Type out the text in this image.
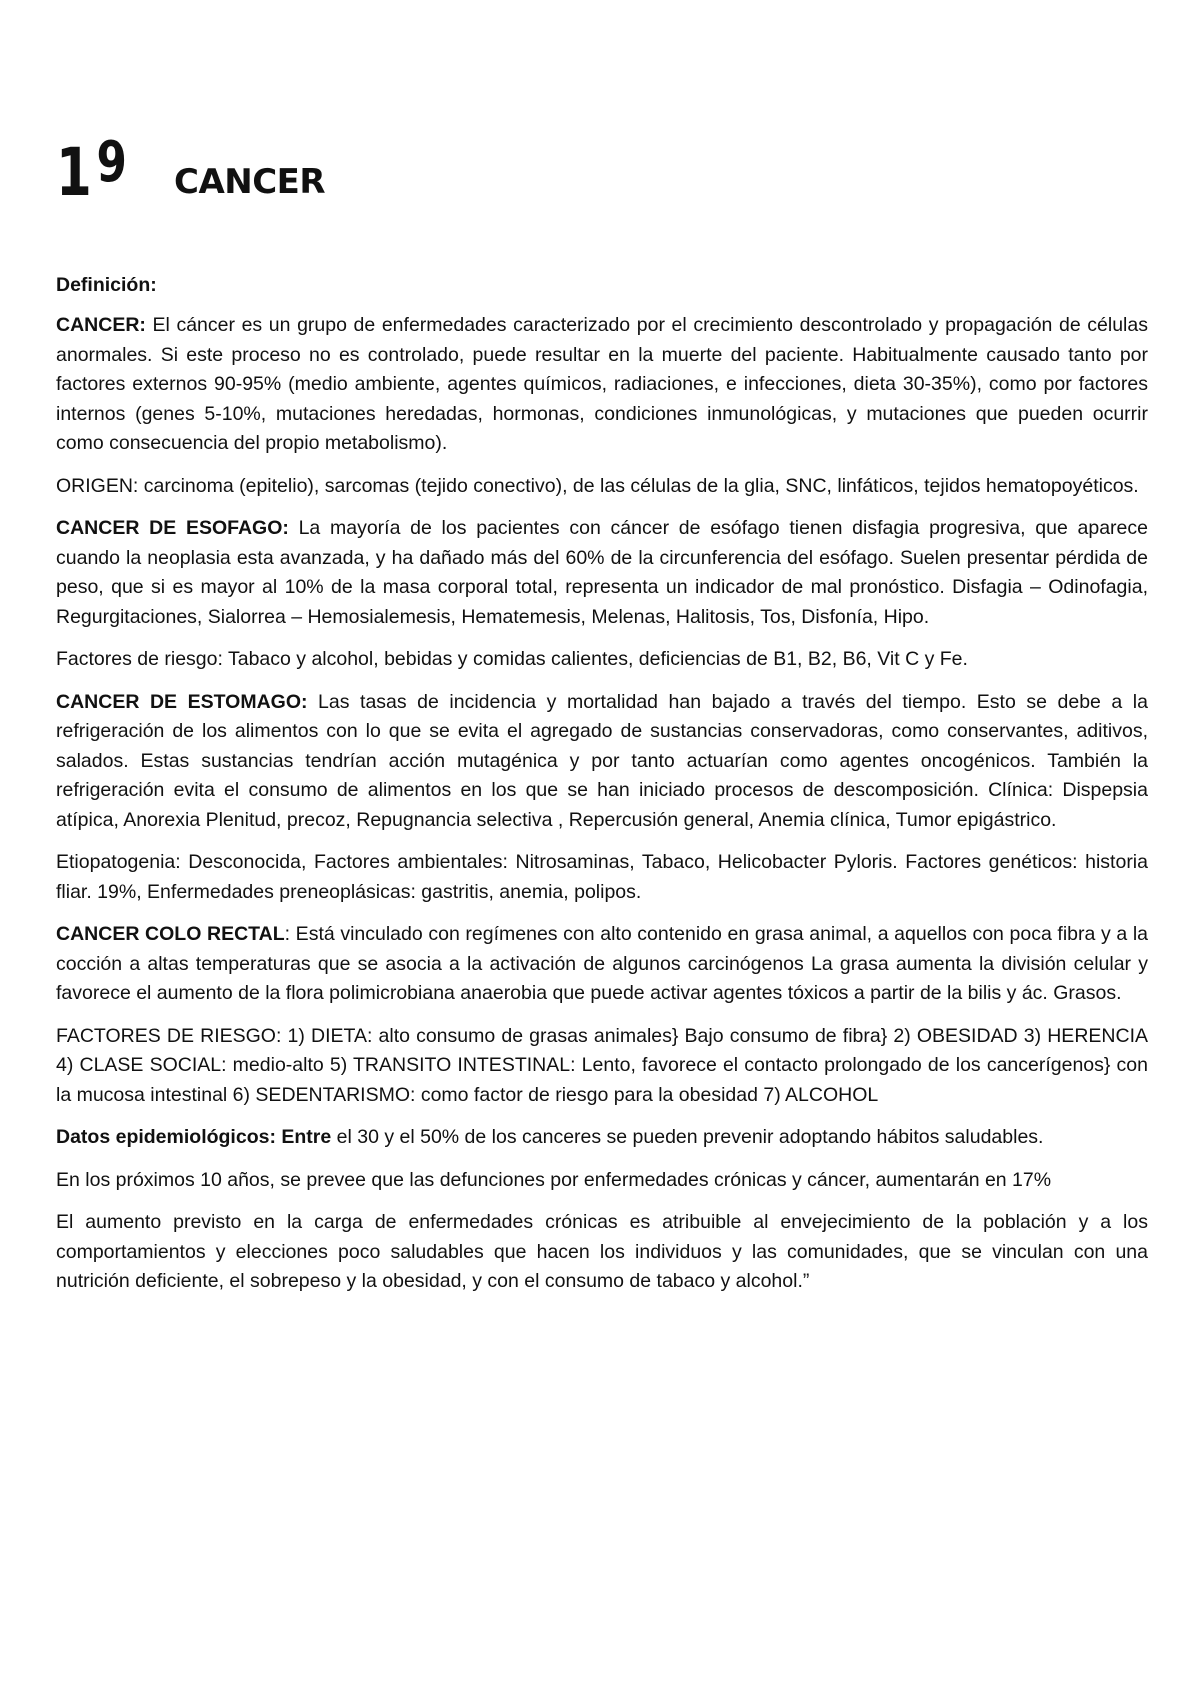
$1^9$	CANCER
Definición:

CANCER: El cáncer es un grupo de enfermedades caracterizado por el crecimiento descontrolado y propagación de células anormales. Si este proceso no es controlado, puede resultar en la muerte del paciente. Habitualmente causado tanto por factores externos 90-95% (medio ambiente, agentes químicos, radiaciones, e infecciones, dieta 30-35%), como por factores internos (genes 5-10%, mutaciones heredadas, hormonas, condiciones inmunológicas, y mutaciones que pueden ocurrir como consecuencia del propio metabolismo).

ORIGEN: carcinoma (epitelio), sarcomas (tejido conectivo), de las células de la glia, SNC, linfáticos, tejidos hematopoyéticos.

CANCER DE ESOFAGO: La mayoría de los pacientes con cáncer de esófago tienen disfagia progresiva, que aparece cuando la neoplasia esta avanzada, y ha dañado más del 60% de la circunferencia del esófago. Suelen presentar pérdida de peso, que si es mayor al 10% de la masa corporal total, representa un indicador de mal pronóstico. Disfagia – Odinofagia, Regurgitaciones, Sialorrea – Hemosialemesis, Hematemesis, Melenas, Halitosis, Tos, Disfonía, Hipo.

Factores de riesgo: Tabaco y alcohol, bebidas y comidas calientes, deficiencias de B1, B2, B6, Vit C y Fe.

CANCER DE ESTOMAGO: Las tasas de incidencia y mortalidad han bajado a través del tiempo. Esto se debe a la refrigeración de los alimentos con lo que se evita el agregado de sustancias conservadoras, como conservantes, aditivos, salados. Estas sustancias tendrían acción mutagénica y por tanto actuarían como agentes oncogénicos. También la refrigeración evita el consumo de alimentos en los que se han iniciado procesos de descomposición. Clínica: Dispepsia atípica, Anorexia Plenitud, precoz, Repugnancia selectiva , Repercusión general, Anemia clínica, Tumor epigástrico.

Etiopatogenia: Desconocida, Factores ambientales: Nitrosaminas, Tabaco, Helicobacter Pyloris. Factores genéticos: historia fliar. 19%, Enfermedades preneoplásicas: gastritis, anemia, polipos.

CANCER COLO RECTAL: Está vinculado con regímenes con alto contenido en grasa animal, a aquellos con poca fibra y a la cocción a altas temperaturas que se asocia a la activación de algunos carcinógenos La grasa aumenta la división celular y favorece el aumento de la flora polimicrobiana anaerobia que puede activar agentes tóxicos a partir de la bilis y ác. Grasos.

FACTORES DE RIESGO: 1) DIETA: alto consumo de grasas animales} Bajo consumo de fibra} 2) OBESIDAD 3) HERENCIA 4) CLASE SOCIAL: medio-alto 5) TRANSITO INTESTINAL: Lento, favorece el contacto prolongado de los cancerígenos} con la mucosa intestinal 6) SEDENTARISMO: como factor de riesgo para la obesidad 7) ALCOHOL

Datos epidemiológicos: Entre el 30 y el 50% de los canceres se pueden prevenir adoptando hábitos saludables.

En los próximos 10 años, se prevee que las defunciones por enfermedades crónicas y cáncer, aumentarán en 17%

El aumento previsto en la carga de enfermedades crónicas es atribuible al envejecimiento de la población y a los comportamientos y elecciones poco saludables que hacen los individuos y las comunidades, que se vinculan con una nutrición deficiente, el sobrepeso y la obesidad, y con el consumo de tabaco y alcohol.”
